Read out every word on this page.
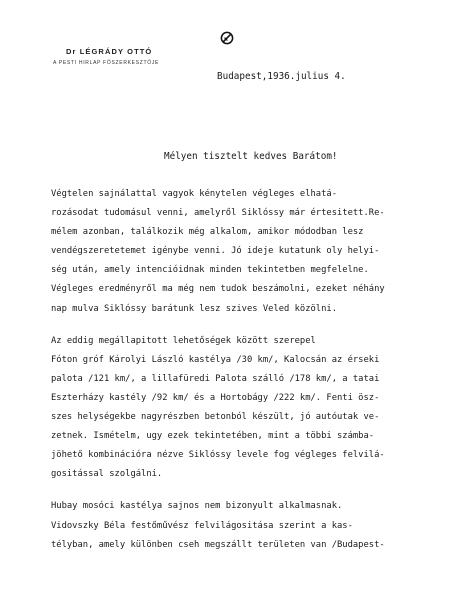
Dr LÉGRÁDY OTTÓ
A PESTI HIRLAP FŐSZERKESZTŐJE
Budapest,1936.julius 4.
Mélyen tisztelt kedves Barátom!

Végtelen sajnálattal vagyok kénytelen végleges elhatá-
rozásodat tudomásul venni, amelyről Siklóssy már értesitett.Re-
mélem azonban, találkozik még alkalom, amikor módodban lesz
vendégszeretetemet igénybe venni. Jó ideje kutatunk oly helyi-
ség után, amely intencióidnak minden tekintetben megfelelne.
Végleges eredményről ma még nem tudok beszámolni, ezeket néhány
nap mulva Siklóssy barátunk lesz szives Veled közölni.

Az eddig megállapitott lehetőségek között szerepel
Fóton gróf Károlyi László kastélya /30 km/, Kalocsán az érseki
palota /121 km/, a lillafüredi Palota szálló /178 km/, a tatai
Eszterházy kastély /92 km/ és a Hortobágy /222 km/. Fenti ösz-
szes helységekbe nagyrészben betonból készült, jó autóutak ve-
zetnek. Ismételm, ugy ezek tekintetében, mint a többi számba-
jöhető kombinációra nézve Siklóssy levele fog végleges felvilá-
gositással szolgálni.

Hubay mosóci kastélya sajnos nem bizonyult alkalmasnak.
Vidovszky Béla festőművész felvilágositása szerint a kas-
télyban, amely különben cseh megszállt területen van /Budapest-
